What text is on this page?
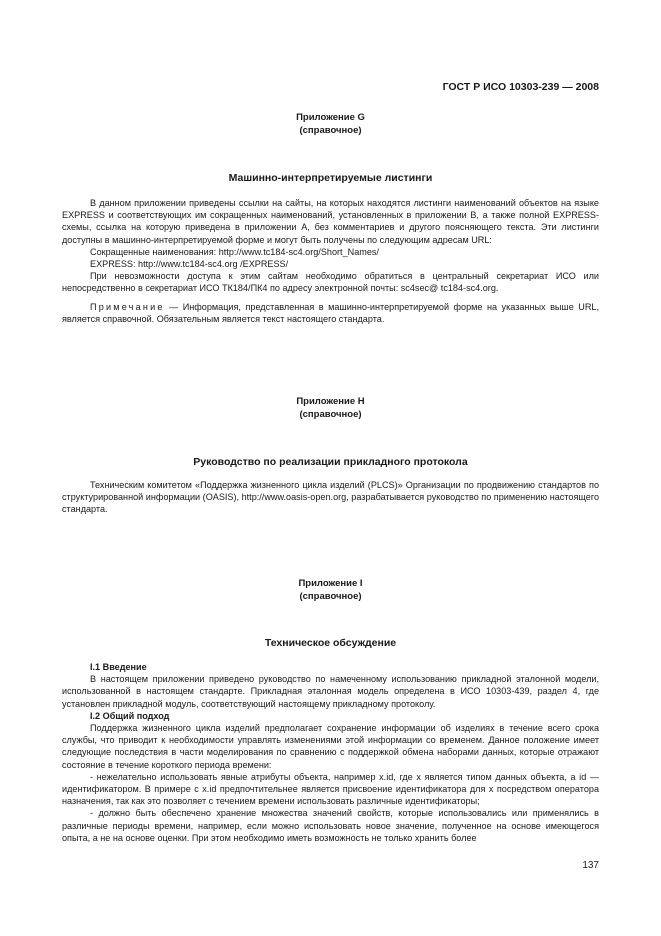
ГОСТ Р ИСО 10303-239 — 2008
Приложение G
(справочное)
Машинно-интерпретируемые листинги

В данном приложении приведены ссылки на сайты, на которых находятся листинги наименований объектов на языке EXPRESS и соответствующих им сокращенных наименований, установленных в приложении В, а также полной EXPRESS-схемы, ссылка на которую приведена в приложении А, без комментариев и другого поясняющего текста. Эти листинги доступны в машинно-интерпретируемой форме и могут быть получены по следующим адресам URL:

Сокращенные наименования: http://www.tc184-sc4.org/Short_Names/

EXPRESS: http://www.tc184-sc4.org /EXPRESS/

При невозможности доступа к этим сайтам необходимо обратиться в центральный секретариат ИСО или непосредственно в секретариат ИСО ТК184/ПК4 по адресу электронной почты: sc4sec@ tc184-sc4.org.

Примечание — Информация, представленная в машинно-интерпретируемой форме на указанных выше URL, является справочной. Обязательным является текст настоящего стандарта.

Приложение H
(справочное)
Руководство по реализации прикладного протокола

Техническим комитетом «Поддержка жизненного цикла изделий (PLCS)» Организации по продвижению стандартов по структурированной информации (OASIS), http://www.oasis-open.org, разрабатывается руководство по применению настоящего стандарта.

Приложение I
(справочное)
Техническое обсуждение

I.1 Введение

В настоящем приложении приведено руководство по намеченному использованию прикладной эталонной модели, использованной в настоящем стандарте. Прикладная эталонная модель определена в ИСО 10303-439, раздел 4, где установлен прикладной модуль, соответствующий настоящему прикладному протоколу.

I.2 Общий подход

Поддержка жизненного цикла изделий предполагает сохранение информации об изделиях в течение всего срока службы, что приводит к необходимости управлять изменениями этой информации со временем. Данное положение имеет следующие последствия в части моделирования по сравнению с поддержкой обмена наборами данных, которые отражают состояние в течение короткого периода времени:

- нежелательно использовать явные атрибуты объекта, например x.id, где x является типом данных объекта, а id — идентификатором. В примере с x.id предпочтительнее является присвоение идентификатора для x посредством оператора назначения, так как это позволяет с течением времени использовать различные идентификаторы;

- должно быть обеспечено хранение множества значений свойств, которые использовались или применялись в различные периоды времени, например, если можно использовать новое значение, полученное на основе имеющегося опыта, а не на основе оценки. При этом необходимо иметь возможность не только хранить более

137
